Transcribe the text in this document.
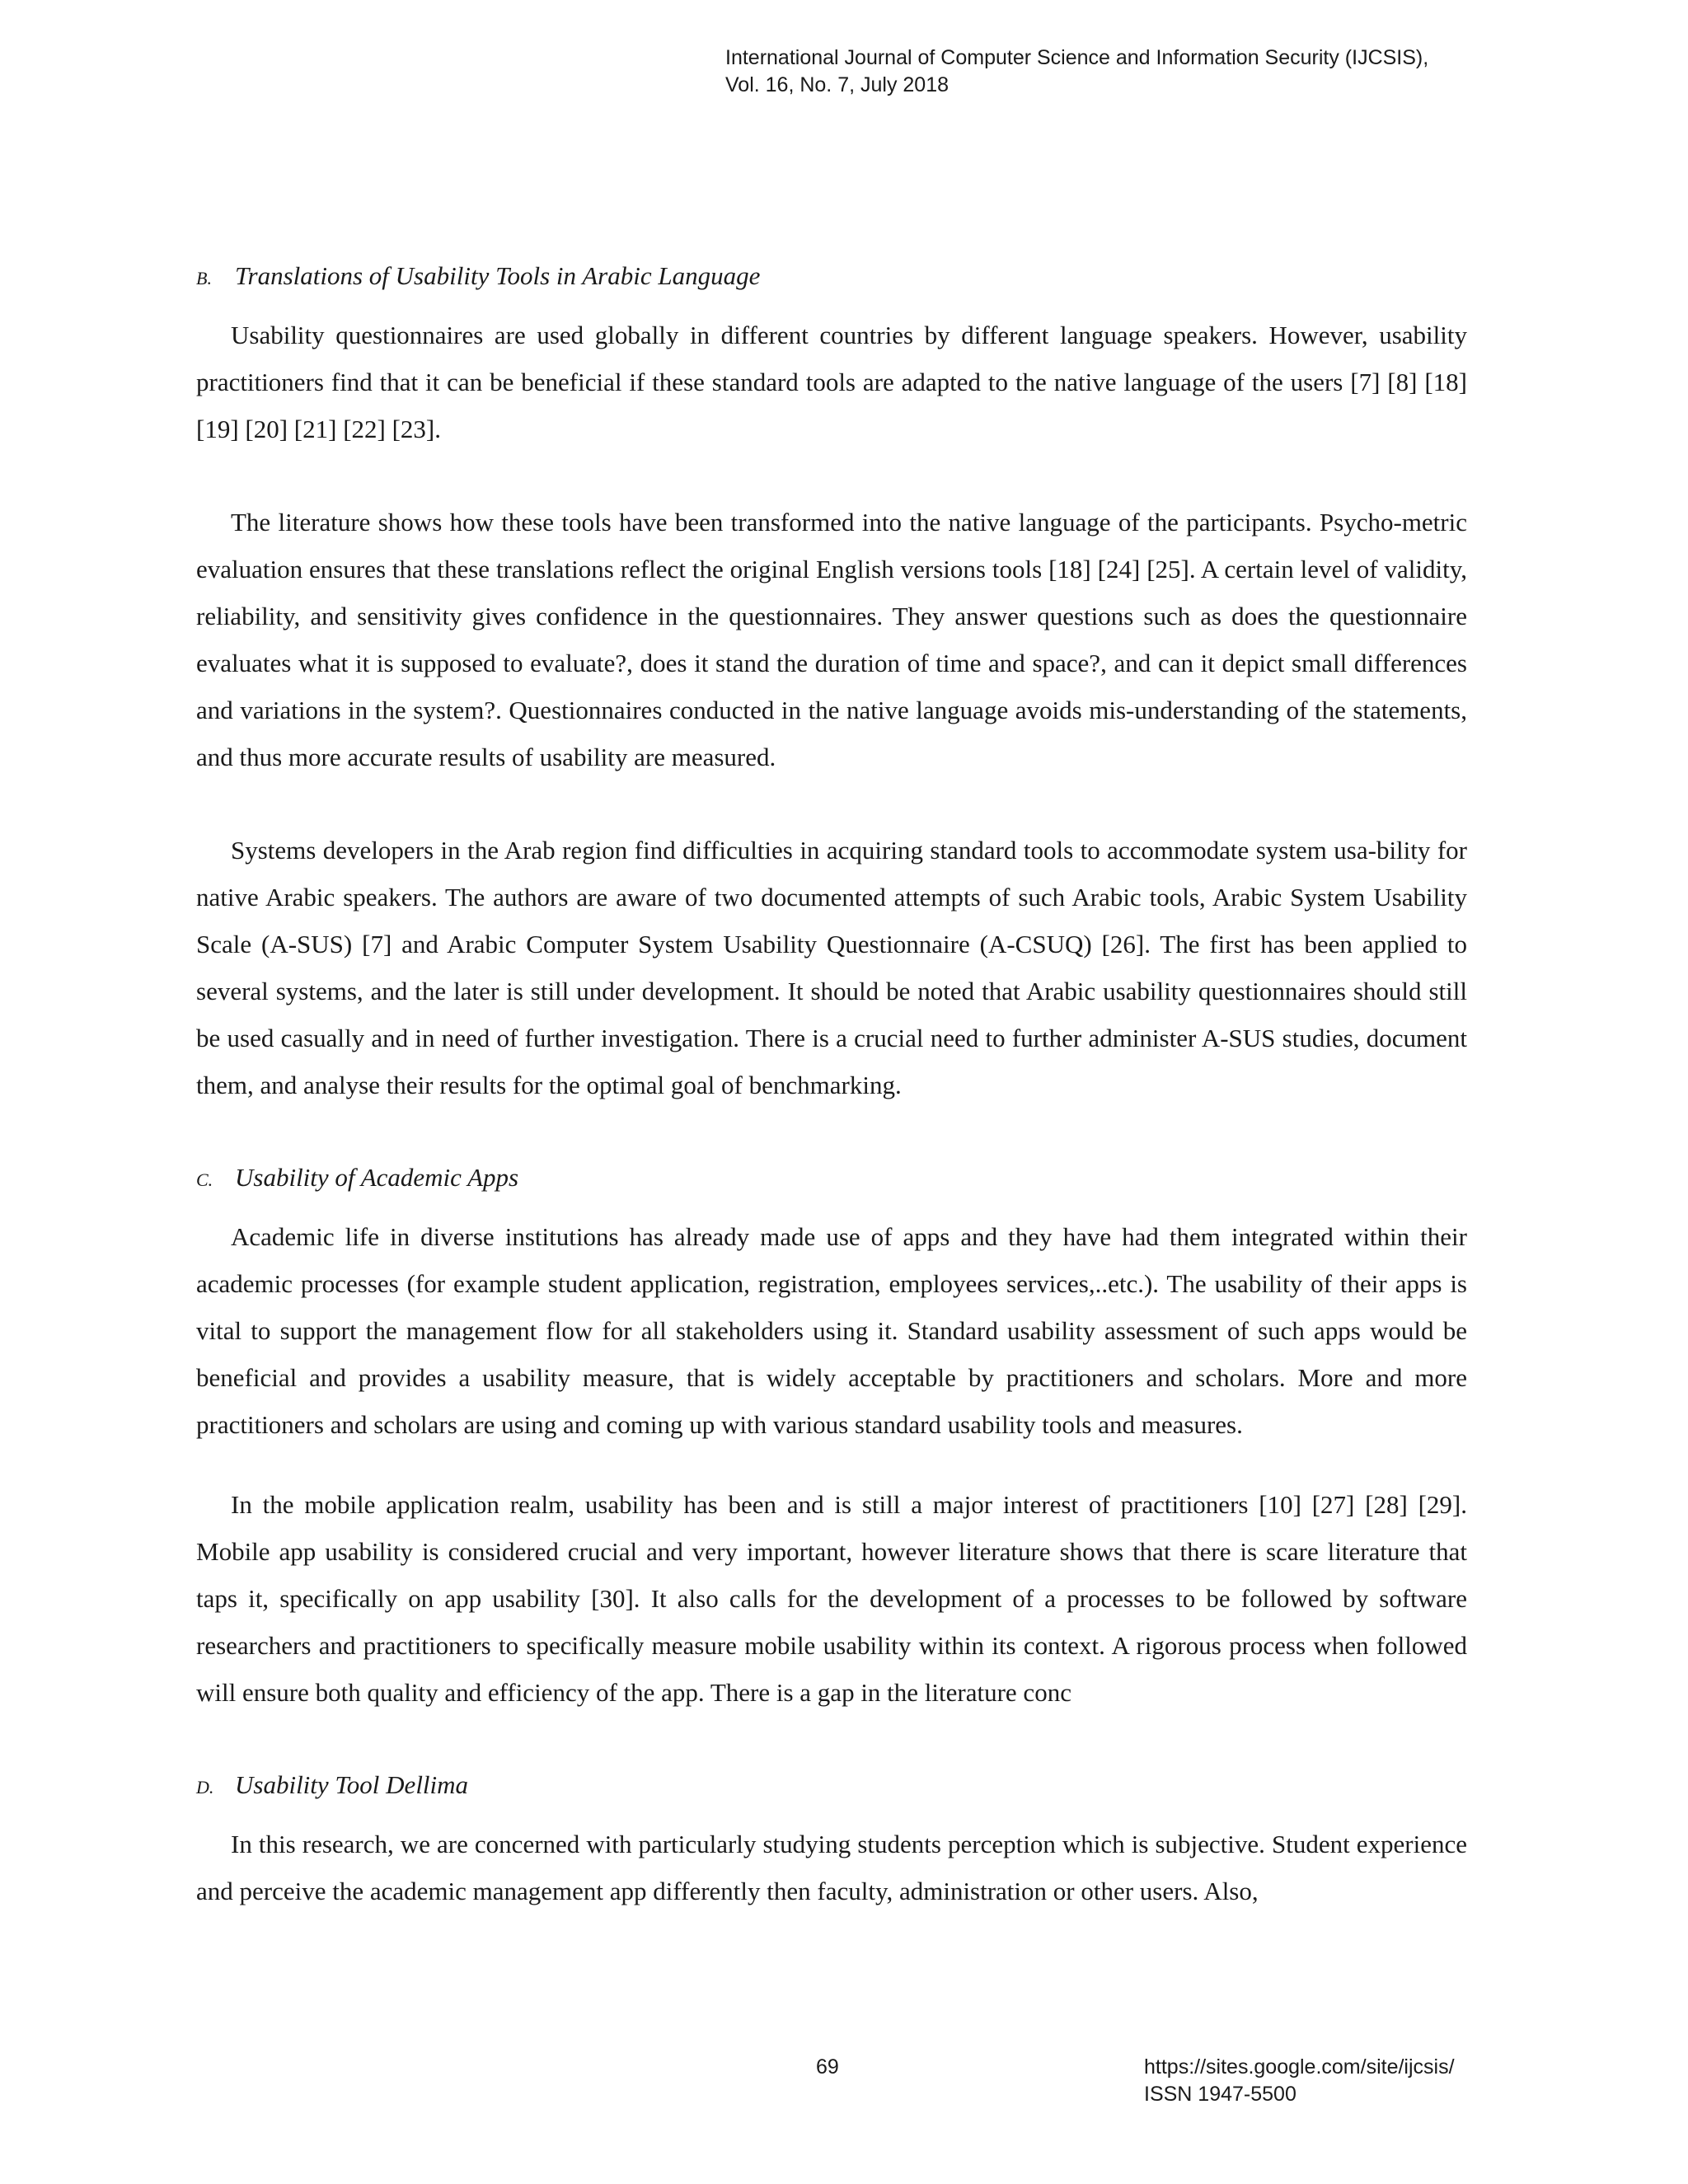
International Journal of Computer Science and Information Security (IJCSIS),
Vol. 16, No. 7, July 2018
B. Translations of Usability Tools in Arabic Language

Usability questionnaires are used globally in different countries by different language speakers. However, usability practitioners find that it can be beneficial if these standard tools are adapted to the native language of the users [7] [8] [18] [19] [20] [21] [22] [23].

The literature shows how these tools have been transformed into the native language of the participants. Psycho-metric evaluation ensures that these translations reflect the original English versions tools [18] [24] [25]. A certain level of validity, reliability, and sensitivity gives confidence in the questionnaires. They answer questions such as does the questionnaire evaluates what it is supposed to evaluate?, does it stand the duration of time and space?, and can it depict small differences and variations in the system?. Questionnaires conducted in the native language avoids mis-understanding of the statements, and thus more accurate results of usability are measured.

Systems developers in the Arab region find difficulties in acquiring standard tools to accommodate system usa-bility for native Arabic speakers. The authors are aware of two documented attempts of such Arabic tools, Arabic System Usability Scale (A-SUS) [7] and Arabic Computer System Usability Questionnaire (A-CSUQ) [26]. The first has been applied to several systems, and the later is still under development. It should be noted that Arabic usability questionnaires should still be used casually and in need of further investigation. There is a crucial need to further administer A-SUS studies, document them, and analyse their results for the optimal goal of benchmarking.

C. Usability of Academic Apps

Academic life in diverse institutions has already made use of apps and they have had them integrated within their academic processes (for example student application, registration, employees services,..etc.). The usability of their apps is vital to support the management flow for all stakeholders using it. Standard usability assessment of such apps would be beneficial and provides a usability measure, that is widely acceptable by practitioners and scholars. More and more practitioners and scholars are using and coming up with various standard usability tools and measures.

In the mobile application realm, usability has been and is still a major interest of practitioners [10] [27] [28] [29]. Mobile app usability is considered crucial and very important, however literature shows that there is scare literature that taps it, specifically on app usability [30]. It also calls for the development of a processes to be followed by software researchers and practitioners to specifically measure mobile usability within its context. A rigorous process when followed will ensure both quality and efficiency of the app. There is a gap in the literature conc

D. Usability Tool Dellima

In this research, we are concerned with particularly studying students perception which is subjective. Student experience and perceive the academic management app differently then faculty, administration or other users. Also,

69	https://sites.google.com/site/ijcsis/
ISSN 1947-5500
